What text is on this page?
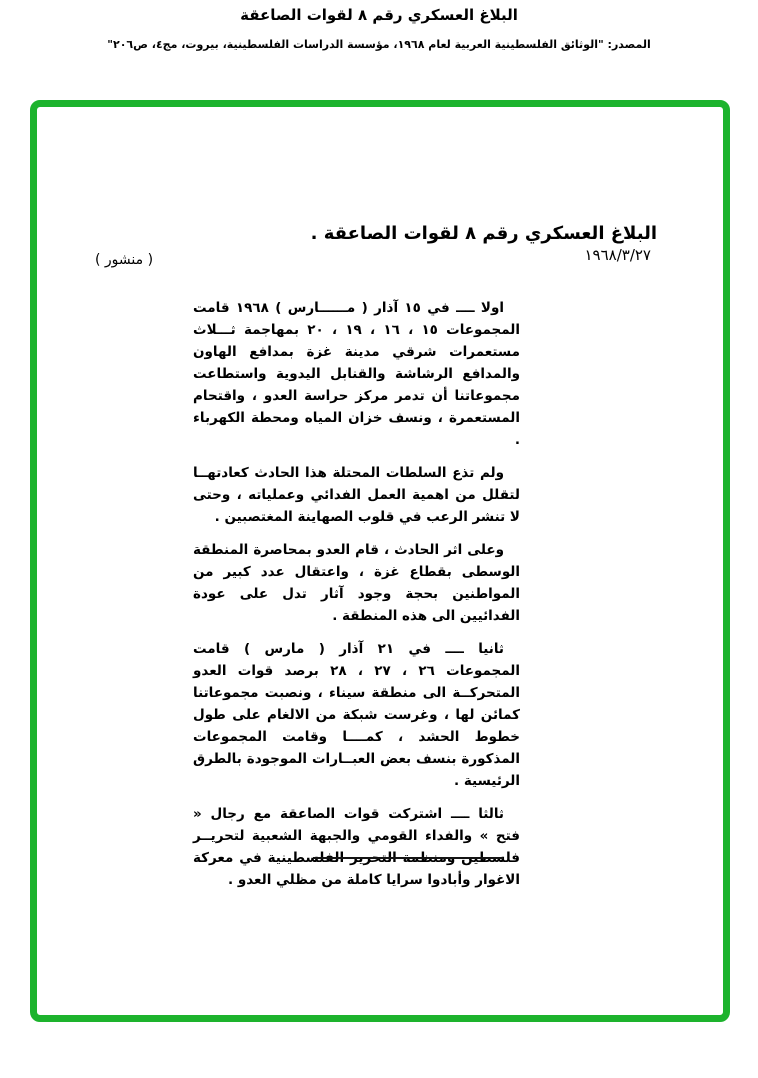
البلاغ العسكري رقم ٨ لقوات الصاعقة
المصدر: "الوثائق الفلسطينية العربية لعام ١٩٦٨، مؤسسة الدراسات الفلسطينية، بيروت، مج٤، ص٢٠٦"
البلاغ العسكري رقم ٨ لقوات الصاعقة .
١٩٦٨/٣/٢٧
( منشور )

اولا ــــ في ١٥ آذار ( مــــــارس ) ١٩٦٨ قامت المجموعات ١٥ ، ١٦ ، ١٩ ، ٢٠ بمهاجمة ثـــلاث مستعمرات شرقي مدينة غزة بمدافع الهاون والمدافع الرشاشة والقنابل اليدوية واستطاعت مجموعاتنا أن تدمر مركز حراسة العدو ، واقتحام المستعمرة ، ونسف خزان المياه ومحطة الكهرباء .

ولم تذع السلطات المحتلة هذا الحادث كعادتهــا لتقلل من اهمية العمل الفدائي وعملياته ، وحتى لا تنشر الرعب في قلوب الصهاينة المغتصبين .

وعلى اثر الحادث ، قام العدو بمحاصرة المنطقة الوسطى بقطاع غزة ، واعتقال عدد كبير من المواطنين بحجة وجود آثار تدل على عودة الفدائيين الى هذه المنطقة .

ثانيا ــــ في ٢١ آذار ( مارس ) قامت المجموعات ٢٦ ، ٢٧ ، ٢٨ برصد قوات العدو المتحركــة الى منطقة سيناء ، ونصبت مجموعاتنا كمائن لها ، وغرست شبكة من الالغام على طول خطوط الحشد ، كمــــا وقامت المجموعات المذكورة بنسف بعض العبــارات الموجودة بالطرق الرئيسية .

ثالثا ــــ اشتركت قوات الصاعقة مع رجال « فتح » والفداء القومي والجبهة الشعبية لتحريــر فلسطين ومنظمة التحرير الفلسطينية في معركة الاغوار وأبادوا سرايا كاملة من مظلي العدو .
